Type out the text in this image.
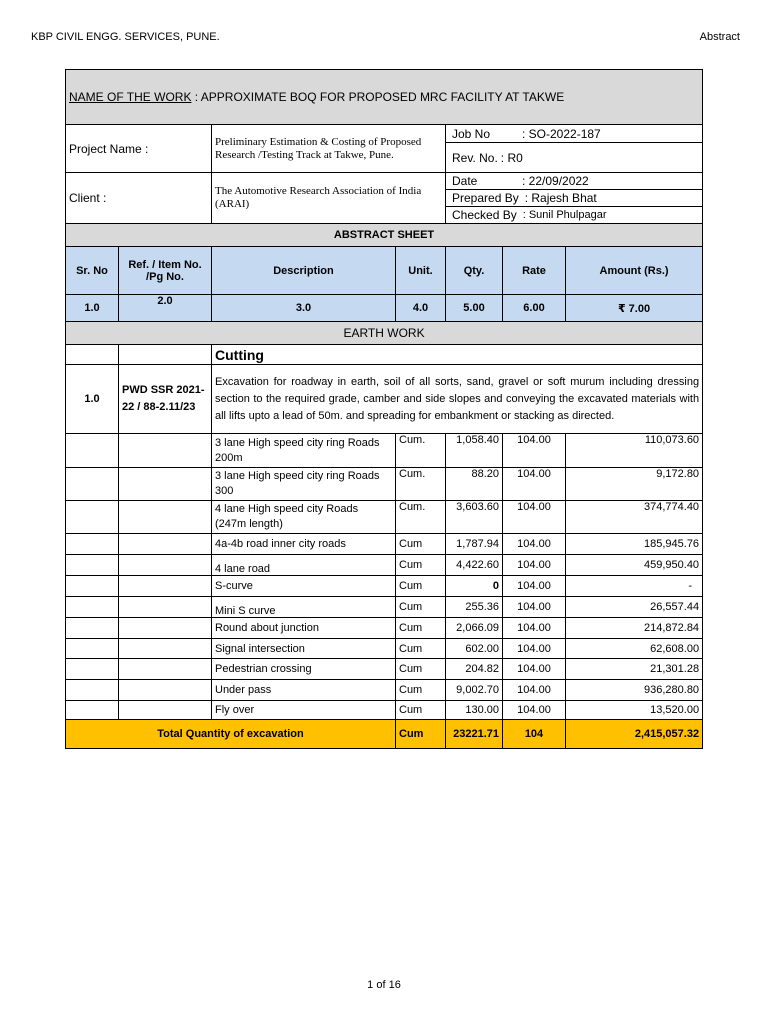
KBP CIVIL ENGG. SERVICES, PUNE.	Abstract
NAME OF THE WORK : APPROXIMATE BOQ FOR PROPOSED MRC FACILITY AT TAKWE						
Project Name :		Preliminary Estimation & Costing of Proposed Research /Testing Track at Takwe, Pune.		Job No : SO-2022-187		

				Rev. No. : R0		

Client :		The Automotive Research Association of India (ARAI)		Date : 22/09/2022		

				Prepared By : Rajesh Bhat		

				Checked By : Sunil Phulpagar		

ABSTRACT SHEET						
Sr. No	Ref. / Item No. /Pg No.	Description	Unit.	Qty.	Rate	Amount (Rs.)
1.0	2.0	3.0	4.0	5.00	6.00	₹ 7.00
EARTH WORK						
		Cutting				
1.0	PWD SSR 2021-22 / 88-2.11/23	Excavation for roadway in earth, soil of all sorts, sand, gravel or soft murum including dressing section to the required grade, camber and side slopes and conveying the excavated materials with all lifts upto a lead of 50m. and spreading for embankment or stacking as directed.				
		3 lane High speed city ring Roads 200m	Cum.	1,058.40	104.00	110,073.60
		3 lane High speed city ring Roads 300	Cum.	88.20	104.00	9,172.80
		4 lane High speed city Roads (247m length)	Cum.	3,603.60	104.00	374,774.40
		4a-4b road inner city roads	Cum	1,787.94	104.00	185,945.76
		4 lane road	Cum	4,422.60	104.00	459,950.40
		S-curve	Cum	0	104.00	-
		Mini S curve	Cum	255.36	104.00	26,557.44
		Round about junction	Cum	2,066.09	104.00	214,872.84
		Signal intersection	Cum	602.00	104.00	62,608.00
		Pedestrian crossing	Cum	204.82	104.00	21,301.28
		Under pass	Cum	9,002.70	104.00	936,280.80
		Fly over	Cum	130.00	104.00	13,520.00
Total Quantity of excavation			Cum	23221.71	104	2,415,057.32
1 of 16
